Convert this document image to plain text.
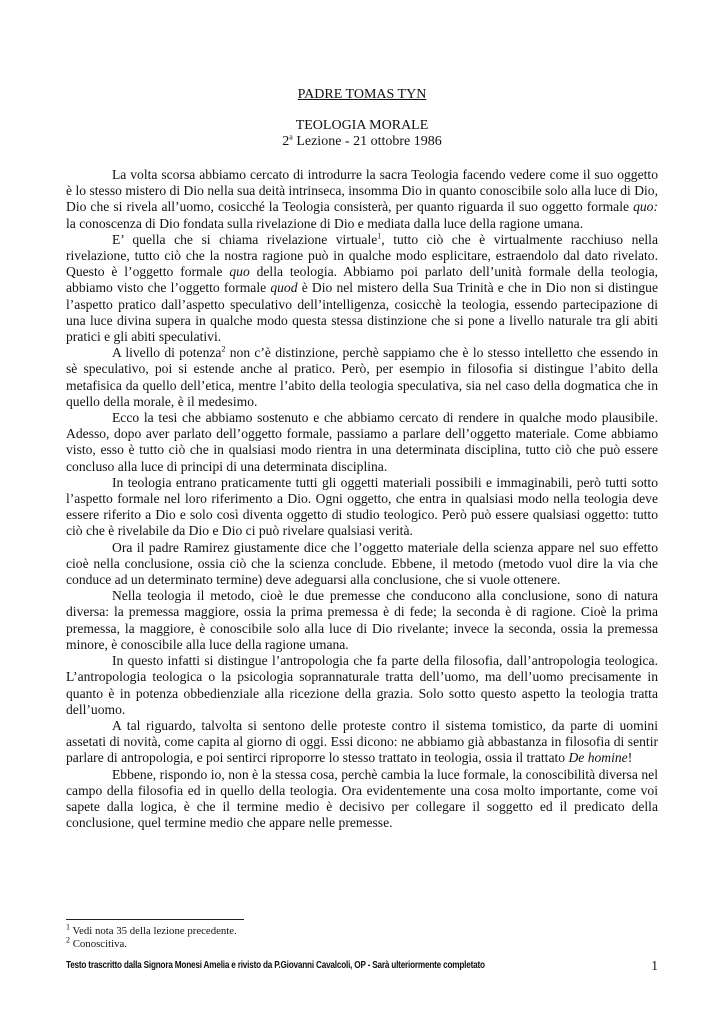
PADRE TOMAS TYN
TEOLOGIA MORALE
2$^a$ Lezione - 21 ottobre 1986

La volta scorsa abbiamo cercato di introdurre la sacra Teologia facendo vedere come il suo oggetto è lo stesso mistero di Dio nella sua deità intrinseca, insomma Dio in quanto conoscibile solo alla luce di Dio, Dio che si rivela all’uomo, cosicché la Teologia consisterà, per quanto riguarda il suo oggetto formale quo: la conoscenza di Dio fondata sulla rivelazione di Dio e mediata dalla luce della ragione umana.

E’ quella che si chiama rivelazione virtuale$^1$, tutto ciò che è virtualmente racchiuso nella rivelazione, tutto ciò che la nostra ragione può in qualche modo esplicitare, estraendolo dal dato rivelato. Questo è l’oggetto formale quo della teologia. Abbiamo poi parlato dell’unità formale della teologia, abbiamo visto che l’oggetto formale quod è Dio nel mistero della Sua Trinità e che in Dio non si distingue l’aspetto pratico dall’aspetto speculativo dell’intelligenza, cosicchè la teologia, essendo partecipazione di una luce divina supera in qualche modo questa stessa distinzione che si pone a livello naturale tra gli abiti pratici e gli abiti speculativi.

A livello di potenza$^2$ non c’è distinzione, perchè sappiamo che è lo stesso intelletto che essendo in sè speculativo, poi si estende anche al pratico. Però, per esempio in filosofia si distingue l’abito della metafisica da quello dell’etica, mentre l’abito della teologia speculativa, sia nel caso della dogmatica che in quello della morale, è il medesimo.

Ecco la tesi che abbiamo sostenuto e che abbiamo cercato di rendere in qualche modo plausibile. Adesso, dopo aver parlato dell’oggetto formale, passiamo a parlare dell’oggetto materiale. Come abbiamo visto, esso è tutto ciò che in qualsiasi modo rientra in una determinata disciplina, tutto ciò che può essere concluso alla luce di principi di una determinata disciplina.

In teologia entrano praticamente tutti gli oggetti materiali possibili e immaginabili, però tutti sotto l’aspetto formale nel loro riferimento a Dio. Ogni oggetto, che entra in qualsiasi modo nella teologia deve essere riferito a Dio e solo così diventa oggetto di studio teologico. Però può essere qualsiasi oggetto: tutto ciò che è rivelabile da Dio e Dio ci può rivelare qualsiasi verità.

Ora il padre Ramirez giustamente dice che l’oggetto materiale della scienza appare nel suo effetto cioè nella conclusione, ossia ciò che la scienza conclude. Ebbene, il metodo (metodo vuol dire la via che conduce ad un determinato termine) deve adeguarsi alla conclusione, che si vuole ottenere.

Nella teologia il metodo, cioè le due premesse che conducono alla conclusione, sono di natura diversa: la premessa maggiore, ossia la prima premessa è di fede; la seconda è di ragione. Cioè la prima premessa, la maggiore, è conoscibile solo alla luce di Dio rivelante; invece la seconda, ossia la premessa minore, è conoscibile alla luce della ragione umana.

In questo infatti si distingue l’antropologia che fa parte della filosofia, dall’antropologia teologica. L’antropologia teologica o la psicologia soprannaturale tratta dell’uomo, ma dell’uomo precisamente in quanto è in potenza obbedienziale alla ricezione della grazia. Solo sotto questo aspetto la teologia tratta dell’uomo.

A tal riguardo, talvolta si sentono delle proteste contro il sistema tomistico, da parte di uomini assetati di novità, come capita al giorno di oggi. Essi dicono: ne abbiamo già abbastanza in filosofia di sentir parlare di antropologia, e poi sentirci riproporre lo stesso trattato in teologia, ossia il trattato De homine!

Ebbene, rispondo io, non è la stessa cosa, perchè cambia la luce formale, la conoscibilità diversa nel campo della filosofia ed in quello della teologia. Ora evidentemente una cosa molto importante, come voi sapete dalla logica, è che il termine medio è decisivo per collegare il soggetto ed il predicato della conclusione, quel termine medio che appare nelle premesse.

$^1$ Vedi nota 35 della lezione precedente.
$^2$ Conoscitiva.
Testo trascritto dalla Signora Monesi Amelia e rivisto da P.Giovanni Cavalcoli, OP - Sarà ulteriormente completato	1
